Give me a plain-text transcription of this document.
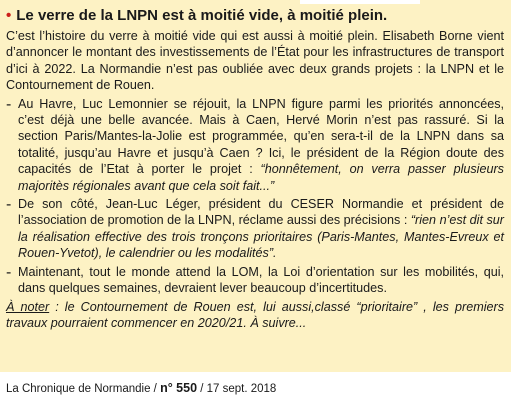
• Le verre de la LNPN est à moitié vide, à moitié plein.

C’est l’histoire du verre à moitié vide qui est aussi à moitié plein. Elisabeth Borne vient d’annoncer le montant des investissements de l’État pour les infrastructures de transport d’ici à 2022. La Normandie n’est pas oubliée avec deux grands projets : la LNPN et le Contournement de Rouen.

- Au Havre, Luc Lemonnier se réjouit, la LNPN figure parmi les priorités annoncées, c’est déjà une belle avancée. Mais à Caen, Hervé Morin n’est pas rassuré. Si la section Paris/Mantes-la-Jolie est programmée, qu’en sera-t-il de la LNPN dans sa totalité, jusqu’au Havre et jusqu’à Caen ? Ici, le président de la Région doute des capacités de l’Etat à porter le projet : “honnêtement, on verra passer plusieurs majoritès régionales avant que cela soit fait...”

- De son côté, Jean-Luc Léger, président du CESER Normandie et président de l’association de promotion de la LNPN, réclame aussi des précisions : “rien n’est dit sur la réalisation effective des trois tronçons prioritaires (Paris-Mantes, Mantes-Evreux et Rouen-Yvetot), le calendrier ou les modalités”.

- Maintenant, tout le monde attend la LOM, la Loi d’orientation sur les mobilités, qui, dans quelques semaines, devraient lever beaucoup d’incertitudes.

À noter : le Contournement de Rouen est, lui aussi,classé “prioritaire” , les premiers travaux pourraient commencer en 2020/21. À suivre...

La Chronique de Normandie / n° 550 / 17 sept. 2018
